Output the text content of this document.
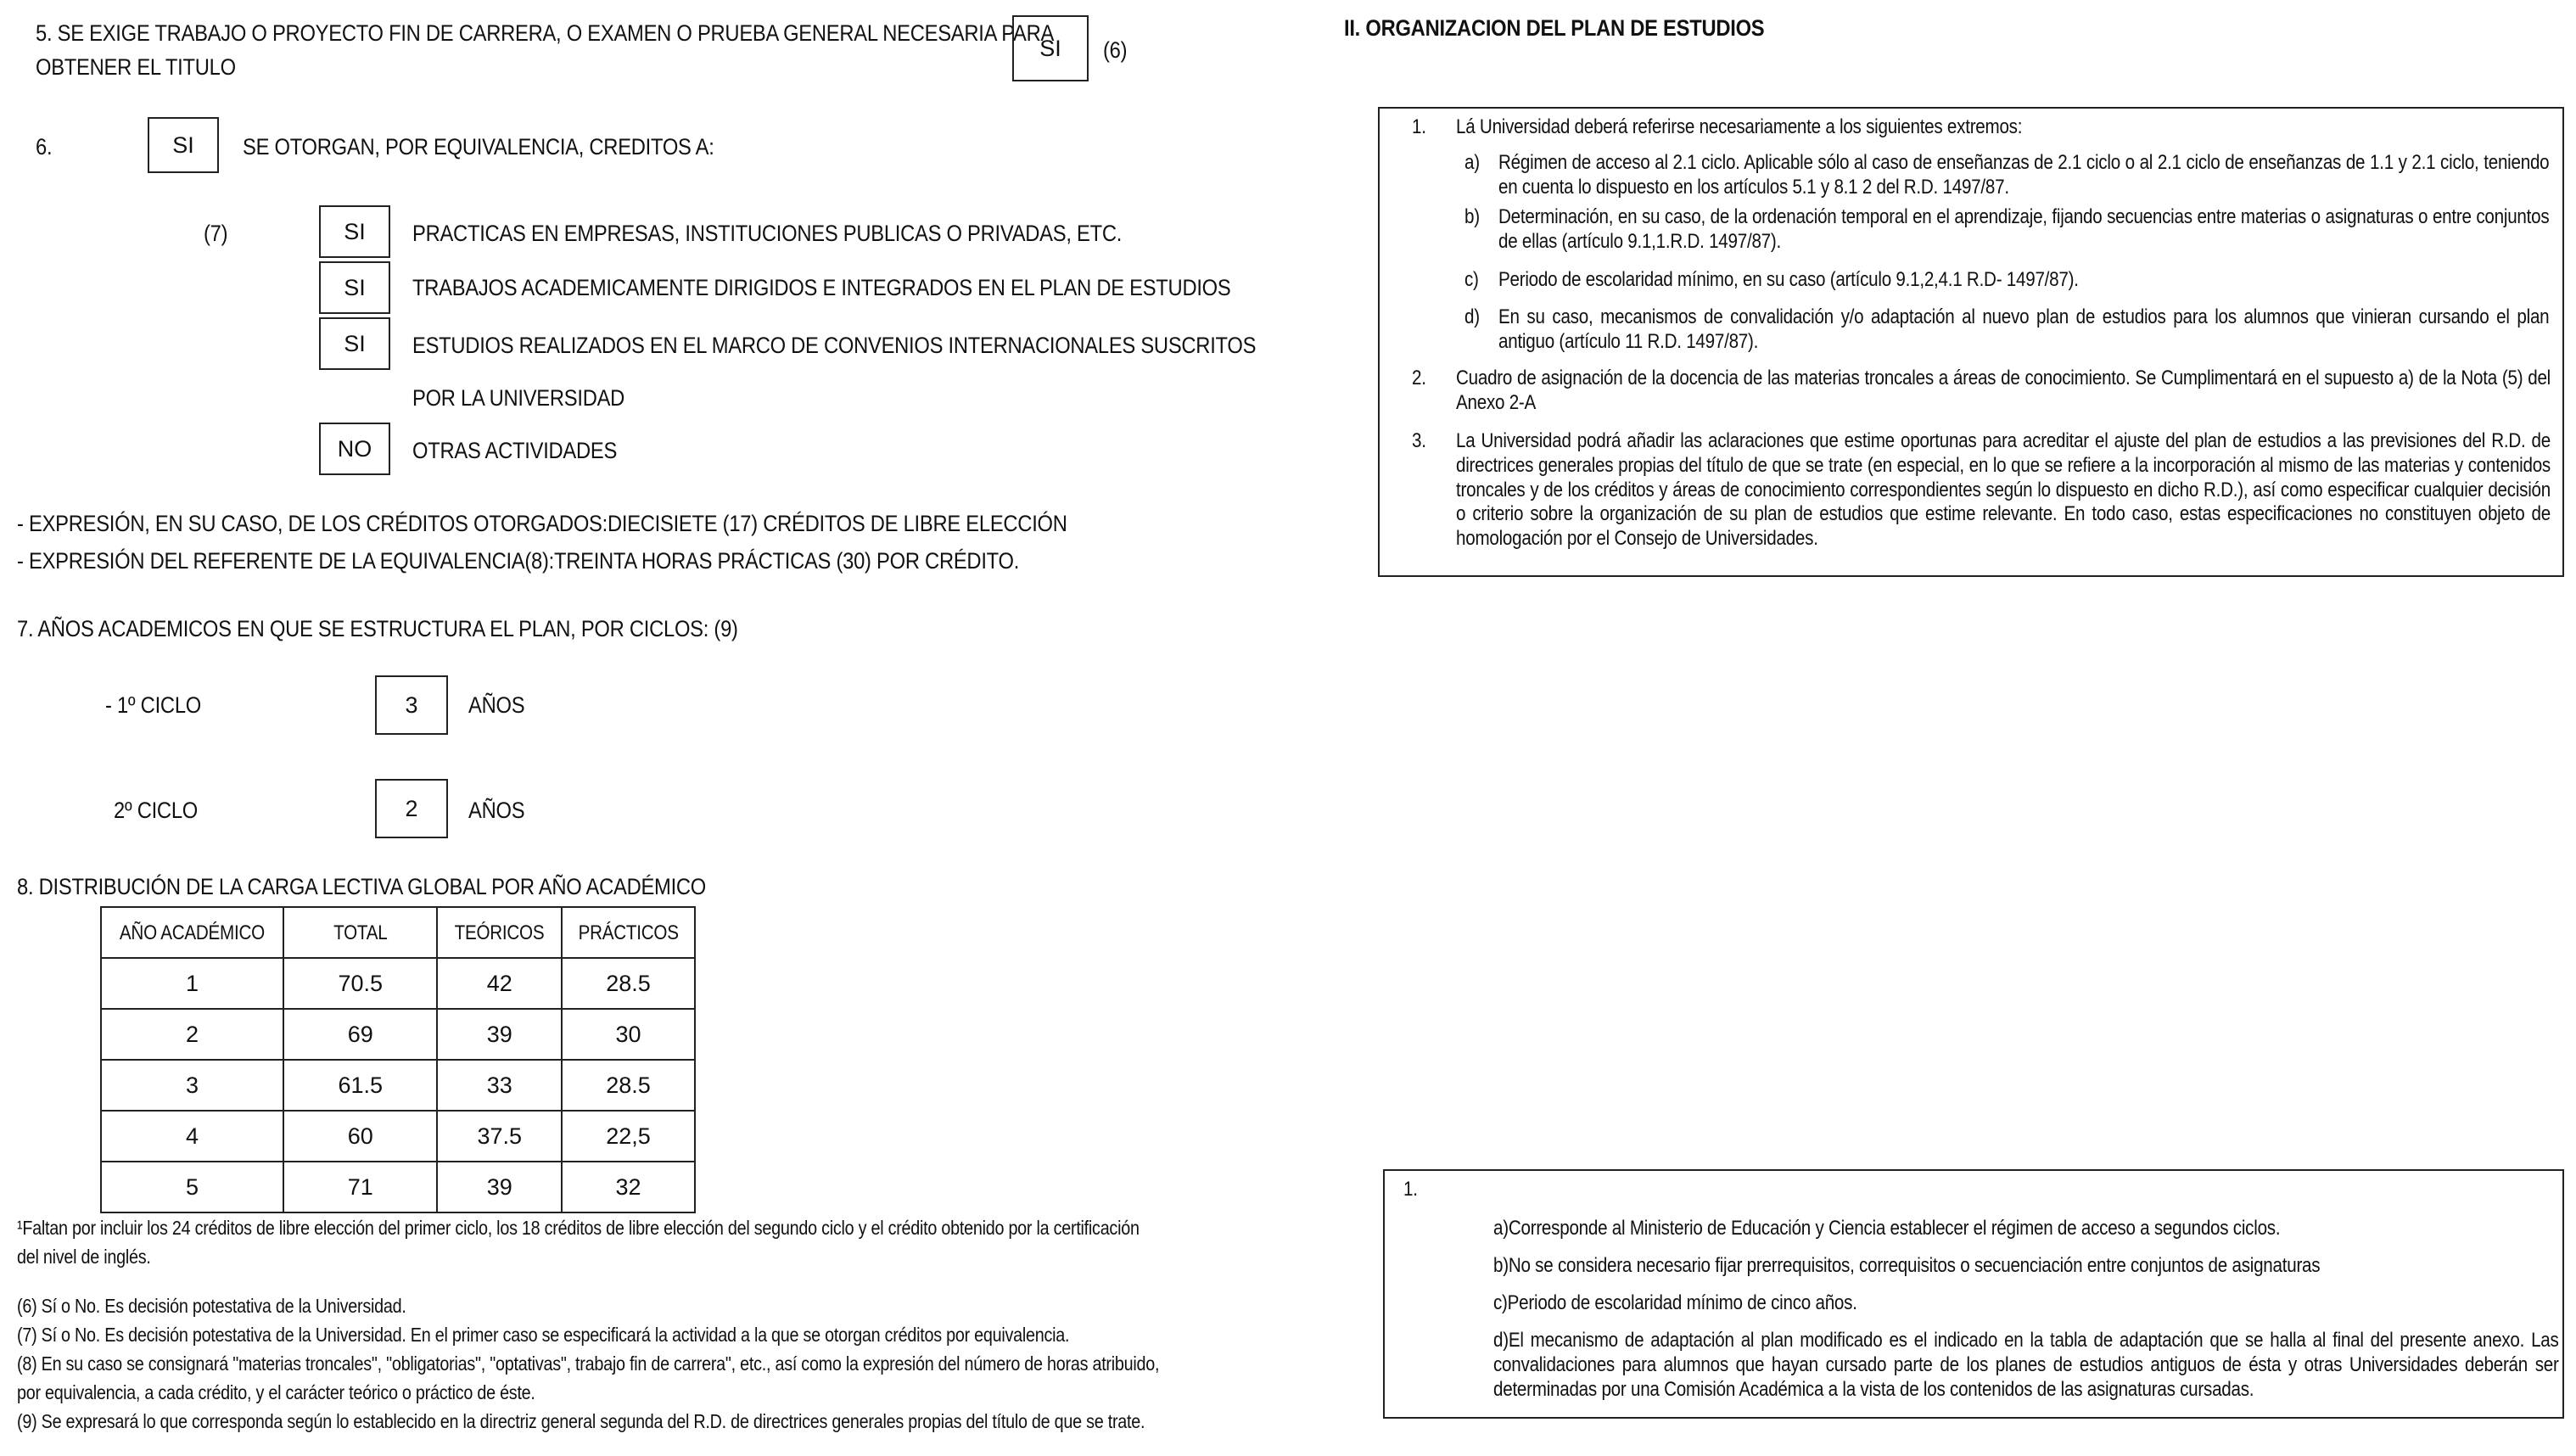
5. SE EXIGE TRABAJO O PROYECTO FIN DE CARRERA, O EXAMEN O PRUEBA GENERAL NECESARIA PARA
OBTENER EL TITULO
SI (6)
6.	SI SE OTORGAN, POR EQUIVALENCIA, CREDITOS A:
(7)	SI PRACTICAS EN EMPRESAS, INSTITUCIONES PUBLICAS O PRIVADAS, ETC.
SI TRABAJOS ACADEMICAMENTE DIRIGIDOS E INTEGRADOS EN EL PLAN DE ESTUDIOS
SI ESTUDIOS REALIZADOS EN EL MARCO DE CONVENIOS INTERNACIONALES SUSCRITOS
POR LA UNIVERSIDAD
NO OTRAS ACTIVIDADES
- EXPRESIÓN, EN SU CASO, DE LOS CRÉDITOS OTORGADOS:DIECISIETE (17) CRÉDITOS DE LIBRE ELECCIÓN
- EXPRESIÓN DEL REFERENTE DE LA EQUIVALENCIA(8):TREINTA HORAS PRÁCTICAS (30) POR CRÉDITO.
7. AÑOS ACADEMICOS EN QUE SE ESTRUCTURA EL PLAN, POR CICLOS: (9)
- 1º CICLO	3 AÑOS
2º CICLO	2 AÑOS
8. DISTRIBUCIÓN DE LA CARGA LECTIVA GLOBAL POR AÑO ACADÉMICO
AÑO ACADÉMICO	TOTAL	TEÓRICOS	PRÁCTICOS
1	70.5	42	28.5
2	69	39	30
3	61.5	33	28.5
4	60	37.5	22,5
5	71	39	32
¹Faltan por incluir los 24 créditos de libre elección del primer ciclo, los 18 créditos de libre elección del segundo ciclo y el crédito obtenido por la certificación
del nivel de inglés.
(6) Sí o No. Es decisión potestativa de la Universidad.
(7) Sí o No. Es decisión potestativa de la Universidad. En el primer caso se especificará la actividad a la que se otorgan créditos por equivalencia.
(8) En su caso se consignará "materias troncales", "obligatorias", "optativas", trabajo fin de carrera", etc., así como la expresión del número de horas atribuido,
por equivalencia, a cada crédito, y el carácter teórico o práctico de éste.
(9) Se expresará lo que corresponda según lo establecido en la directriz general segunda del R.D. de directrices generales propias del título de que se trate.
II. ORGANIZACION DEL PLAN DE ESTUDIOS
1. Lá Universidad deberá referirse necesariamente a los siguientes extremos:
a) Régimen de acceso al 2.1 ciclo. Aplicable sólo al caso de enseñanzas de 2.1 ciclo o al 2.1 ciclo de enseñanzas de 1.1 y 2.1 ciclo, teniendo en cuenta lo dispuesto en los artículos 5.1 y 8.1 2 del R.D. 1497/87.
b) Determinación, en su caso, de la ordenación temporal en el aprendizaje, fijando secuencias entre materias o asignaturas o entre conjuntos de ellas (artículo 9.1,1.R.D. 1497/87).
c) Periodo de escolaridad mínimo, en su caso (artículo 9.1,2,4.1 R.D- 1497/87).
d) En su caso, mecanismos de convalidación y/o adaptación al nuevo plan de estudios para los alumnos que vinieran cursando el plan antiguo (artículo 11 R.D. 1497/87).
2. Cuadro de asignación de la docencia de las materias troncales a áreas de conocimiento. Se Cumplimentará en el supuesto a) de la Nota (5) del Anexo 2-A
3. La Universidad podrá añadir las aclaraciones que estime oportunas para acreditar el ajuste del plan de estudios a las previsiones del R.D. de directrices generales propias del título de que se trate (en especial, en lo que se refiere a la incorporación al mismo de las materias y contenidos troncales y de los créditos y áreas de conocimiento correspondientes según lo dispuesto en dicho R.D.), así como especificar cualquier decisión o criterio sobre la organización de su plan de estudios que estime relevante. En todo caso, estas especificaciones no constituyen objeto de homologación por el Consejo de Universidades.
1.
a)Corresponde al Ministerio de Educación y Ciencia establecer el régimen de acceso a segundos ciclos.
b)No se considera necesario fijar prerrequisitos, correquisitos o secuenciación entre conjuntos de asignaturas
c)Periodo de escolaridad mínimo de cinco años.
d)El mecanismo de adaptación al plan modificado es el indicado en la tabla de adaptación que se halla al final del presente anexo. Las convalidaciones para alumnos que hayan cursado parte de los planes de estudios antiguos de ésta y otras Universidades deberán ser determinadas por una Comisión Académica a la vista de los contenidos de las asignaturas cursadas.
